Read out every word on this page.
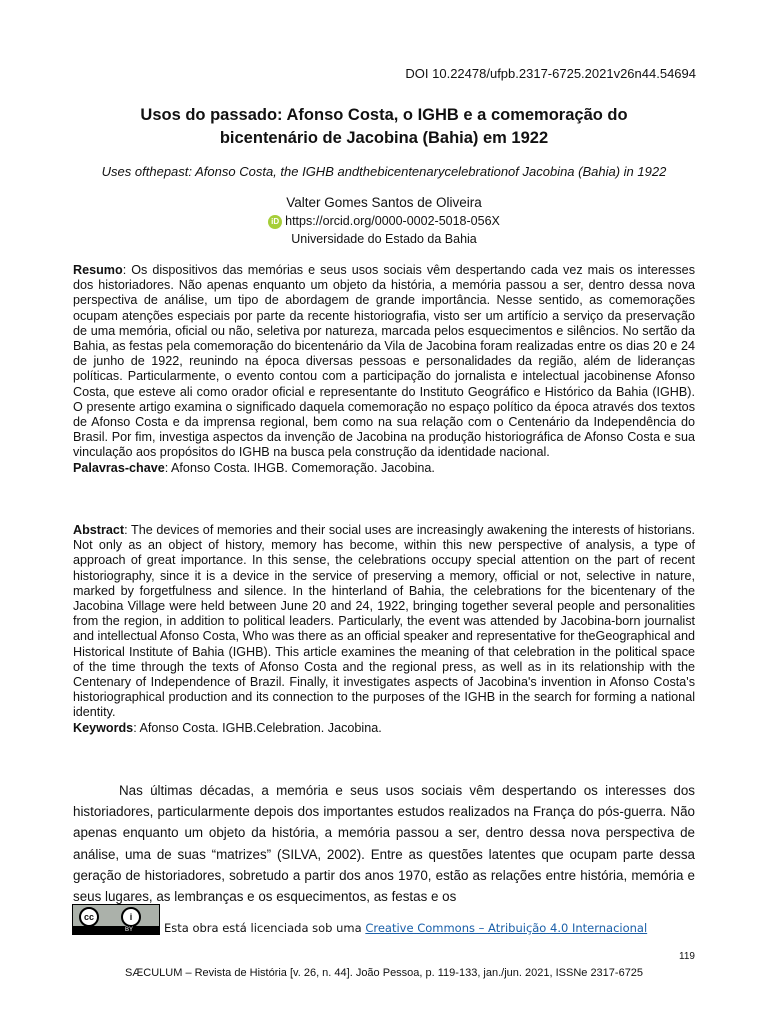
DOI 10.22478/ufpb.2317-6725.2021v26n44.54694
Usos do passado: Afonso Costa, o IGHB e a comemoração do
bicentenário de Jacobina (Bahia) em 1922
Uses ofthepast: Afonso Costa, the IGHB andthebicentenarycelebrationof Jacobina (Bahia) in 1922
Valter Gomes Santos de Oliveira
iD https://orcid.org/0000-0002-5018-056X
Universidade do Estado da Bahia
Resumo: Os dispositivos das memórias e seus usos sociais vêm despertando cada vez mais os interesses dos historiadores. Não apenas enquanto um objeto da história, a memória passou a ser, dentro dessa nova perspectiva de análise, um tipo de abordagem de grande importância. Nesse sentido, as comemorações ocupam atenções especiais por parte da recente historiografia, visto ser um artifício a serviço da preservação de uma memória, oficial ou não, seletiva por natureza, marcada pelos esquecimentos e silêncios. No sertão da Bahia, as festas pela comemoração do bicentenário da Vila de Jacobina foram realizadas entre os dias 20 e 24 de junho de 1922, reunindo na época diversas pessoas e personalidades da região, além de lideranças políticas. Particularmente, o evento contou com a participação do jornalista e intelectual jacobinense Afonso Costa, que esteve ali como orador oficial e representante do Instituto Geográfico e Histórico da Bahia (IGHB). O presente artigo examina o significado daquela comemoração no espaço político da época através dos textos de Afonso Costa e da imprensa regional, bem como na sua relação com o Centenário da Independência do Brasil. Por fim, investiga aspectos da invenção de Jacobina na produção historiográfica de Afonso Costa e sua vinculação aos propósitos do IGHB na busca pela construção da identidade nacional.
Palavras-chave: Afonso Costa. IHGB. Comemoração. Jacobina.
Abstract: The devices of memories and their social uses are increasingly awakening the interests of historians. Not only as an object of history, memory has become, within this new perspective of analysis, a type of approach of great importance. In this sense, the celebrations occupy special attention on the part of recent historiography, since it is a device in the service of preserving a memory, official or not, selective in nature, marked by forgetfulness and silence. In the hinterland of Bahia, the celebrations for the bicentenary of the Jacobina Village were held between June 20 and 24, 1922, bringing together several people and personalities from the region, in addition to political leaders. Particularly, the event was attended by Jacobina-born journalist and intellectual Afonso Costa, Who was there as an official speaker and representative for theGeographical and Historical Institute of Bahia (IGHB). This article examines the meaning of that celebration in the political space of the time through the texts of Afonso Costa and the regional press, as well as in its relationship with the Centenary of Independence of Brazil. Finally, it investigates aspects of Jacobina's invention in Afonso Costa's historiographical production and its connection to the purposes of the IGHB in the search for forming a national identity.
Keywords: Afonso Costa. IGHB.Celebration. Jacobina.
Nas últimas décadas, a memória e seus usos sociais vêm despertando os interesses dos historiadores, particularmente depois dos importantes estudos realizados na França do pós-guerra. Não apenas enquanto um objeto da história, a memória passou a ser, dentro dessa nova perspectiva de análise, uma de suas “matrizes” (SILVA, 2002). Entre as questões latentes que ocupam parte dessa geração de historiadores, sobretudo a partir dos anos 1970, estão as relações entre história, memória e seus lugares, as lembranças e os esquecimentos, as festas e os
cc	i
BY	Esta obra está licenciada sob uma Creative Commons – Atribuição 4.0 Internacional
119
SÆCULUM – Revista de História [v. 26, n. 44]. João Pessoa, p. 119-133, jan./jun. 2021, ISSNe 2317-6725
